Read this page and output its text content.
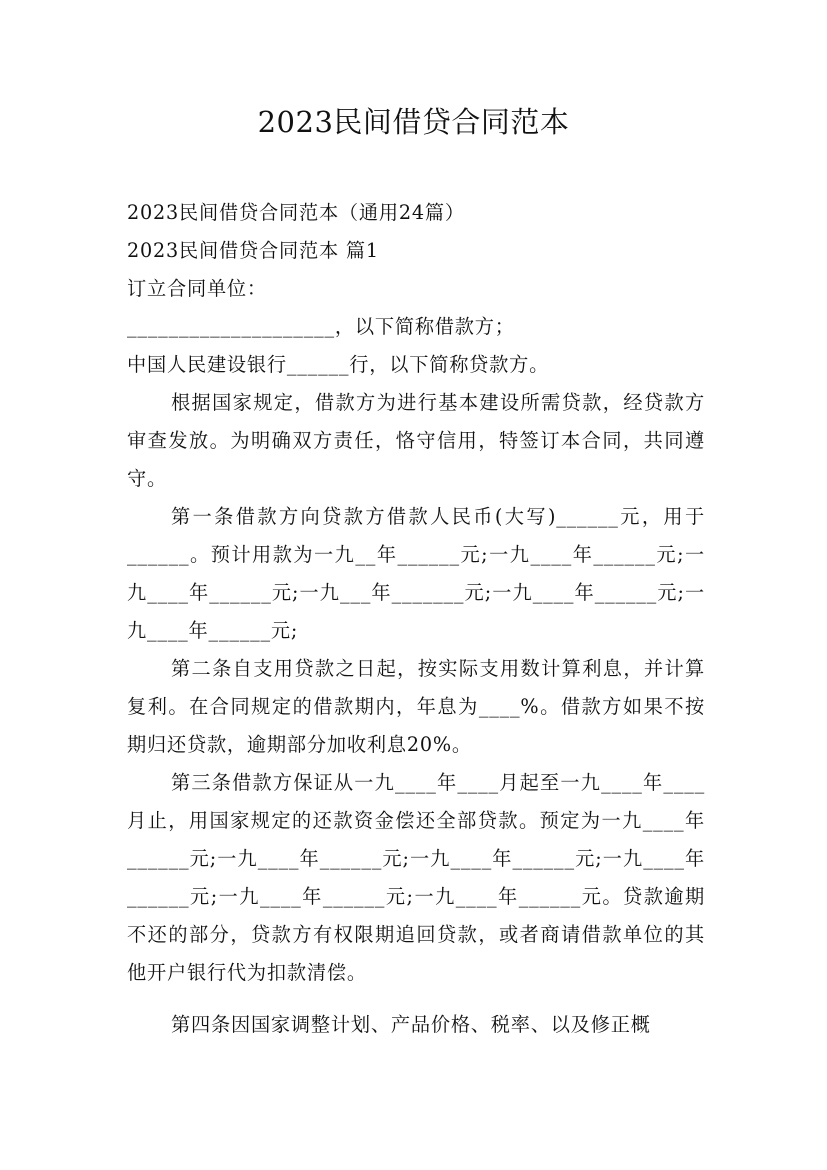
2023民间借贷合同范本
2023民间借贷合同范本（通用24篇）
2023民间借贷合同范本 篇1
订立合同单位：
____________________，以下简称借款方；
中国人民建设银行______行，以下简称贷款方。
根据国家规定，借款方为进行基本建设所需贷款，经贷款方审查发放。为明确双方责任，恪守信用，特签订本合同，共同遵守。
第一条借款方向贷款方借款人民币(大写)______元，用于______。预计用款为一九__年______元;一九____年______元;一九____年______元;一九___年_______元;一九____年______元;一九____年______元;
第二条自支用贷款之日起，按实际支用数计算利息，并计算复利。在合同规定的借款期内，年息为____%。借款方如果不按期归还贷款，逾期部分加收利息20%。
第三条借款方保证从一九____年____月起至一九____年____月止，用国家规定的还款资金偿还全部贷款。预定为一九____年______元;一九____年______元;一九____年______元;一九____年______元;一九____年______元;一九____年______元。贷款逾期不还的部分，贷款方有权限期追回贷款，或者商请借款单位的其他开户银行代为扣款清偿。
第四条因国家调整计划、产品价格、税率、以及修正概
